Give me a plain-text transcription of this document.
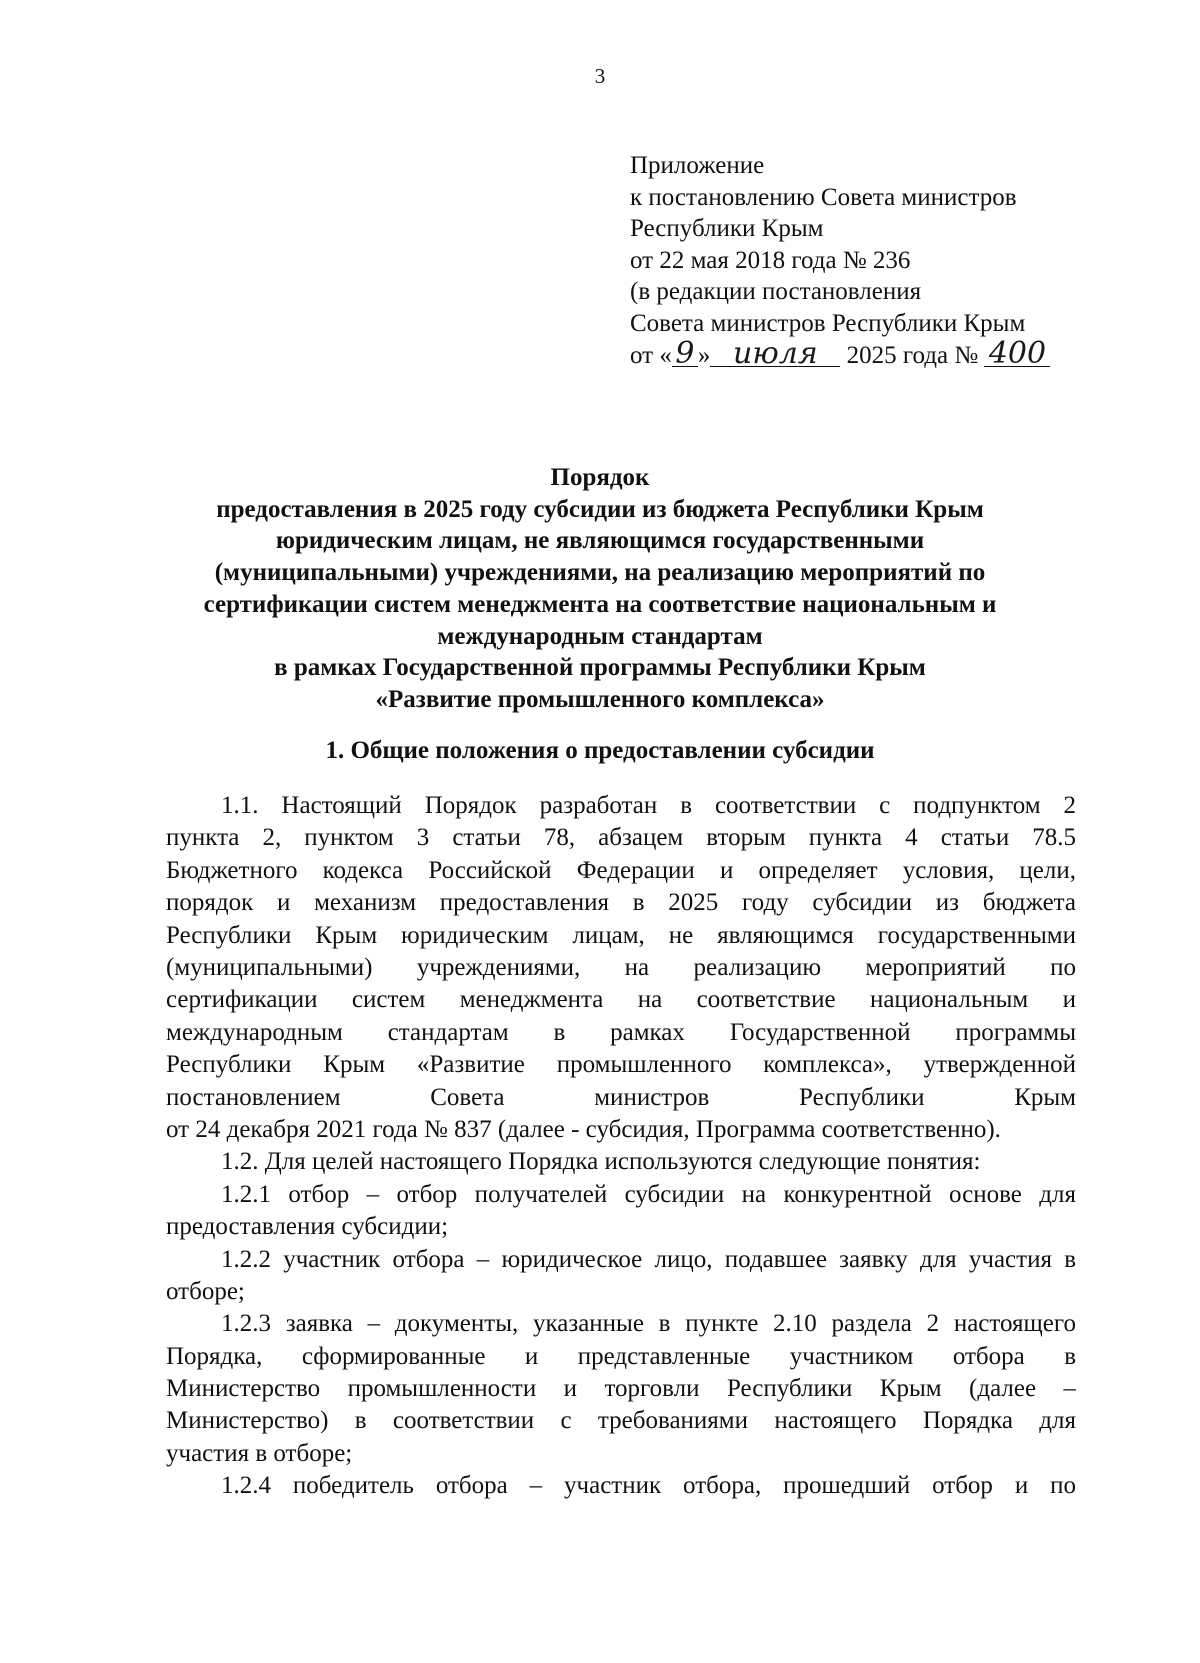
3
Приложение
к постановлению Совета министров
Республики Крым
от 22 мая 2018 года № 236
(в редакции постановления
Совета министров Республики Крым
от « 9 » июля 2025 года № 400
Порядок
предоставления в 2025 году субсидии из бюджета Республики Крым
юридическим лицам, не являющимся государственными
(муниципальными) учреждениями, на реализацию мероприятий по
сертификации систем менеджмента на соответствие национальным и
международным стандартам
в рамках Государственной программы Республики Крым
«Развитие промышленного комплекса»
1. Общие положения о предоставлении субсидии
1.1. Настоящий Порядок разработан в соответствии с подпунктом 2
пункта 2, пунктом 3 статьи 78, абзацем вторым пункта 4 статьи 78.5
Бюджетного кодекса Российской Федерации и определяет условия, цели,
порядок и механизм предоставления в 2025 году субсидии из бюджета
Республики Крым юридическим лицам, не являющимся государственными
(муниципальными) учреждениями, на реализацию мероприятий по
сертификации систем менеджмента на соответствие национальным и
международным стандартам в рамках Государственной программы
Республики Крым «Развитие промышленного комплекса», утвержденной
постановлением Совета министров Республики Крым
от 24 декабря 2021 года № 837 (далее - субсидия, Программа соответственно).
1.2. Для целей настоящего Порядка используются следующие понятия:
1.2.1 отбор – отбор получателей субсидии на конкурентной основе для
предоставления субсидии;
1.2.2 участник отбора – юридическое лицо, подавшее заявку для участия в
отборе;
1.2.3 заявка – документы, указанные в пункте 2.10 раздела 2 настоящего
Порядка, сформированные и представленные участником отбора в
Министерство промышленности и торговли Республики Крым (далее –
Министерство) в соответствии с требованиями настоящего Порядка для
участия в отборе;
1.2.4 победитель отбора – участник отбора, прошедший отбор и по
